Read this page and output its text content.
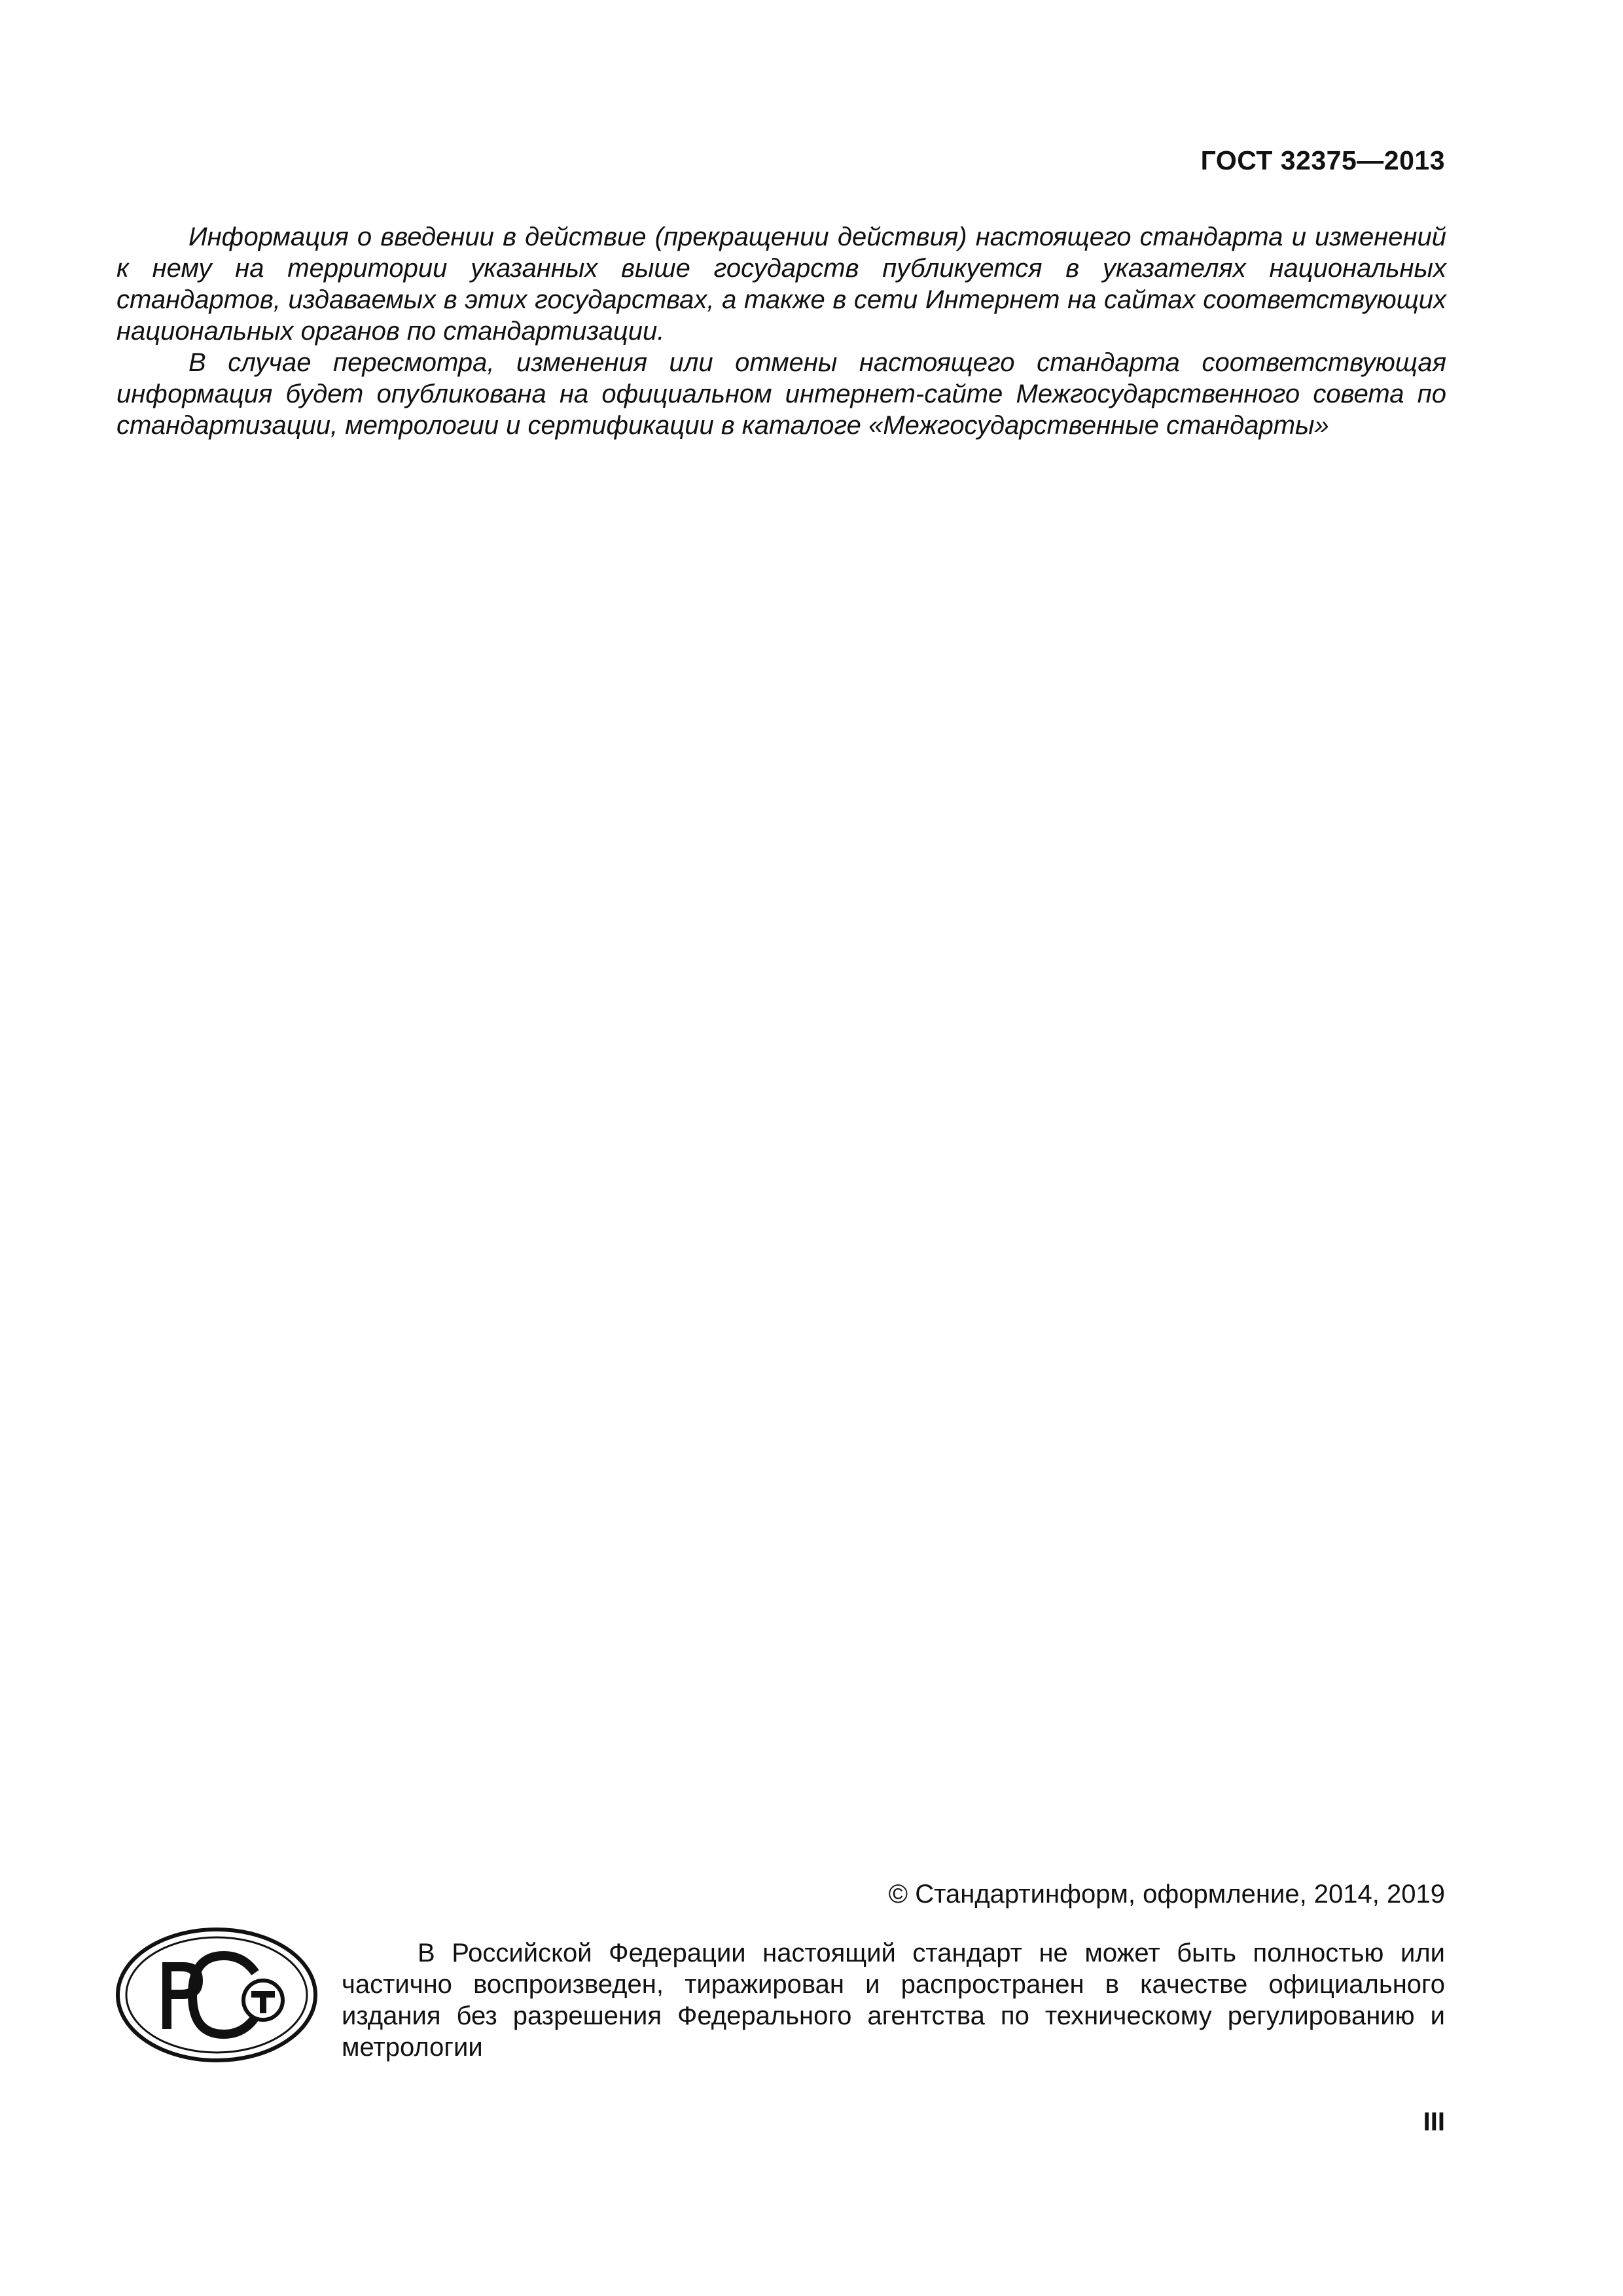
ГОСТ 32375—2013

Информация о введении в действие (прекращении действия) настоящего стандарта и изменений к нему на территории указанных выше государств публикуется в указателях национальных стандартов, издаваемых в этих государствах, а также в сети Интернет на сайтах соответствующих национальных органов по стандартизации.

В случае пересмотра, изменения или отмены настоящего стандарта соответствующая информация будет опубликована на официальном интернет-сайте Межгосударственного совета по стандартизации, метрологии и сертификации в каталоге «Межгосударственные стандарты»

© Стандартинформ, оформление, 2014, 2019

В Российской Федерации настоящий стандарт не может быть полностью или частично воспроизведен, тиражирован и распространен в качестве официального издания без разрешения Федерального агентства по техническому регулированию и метрологии

III
